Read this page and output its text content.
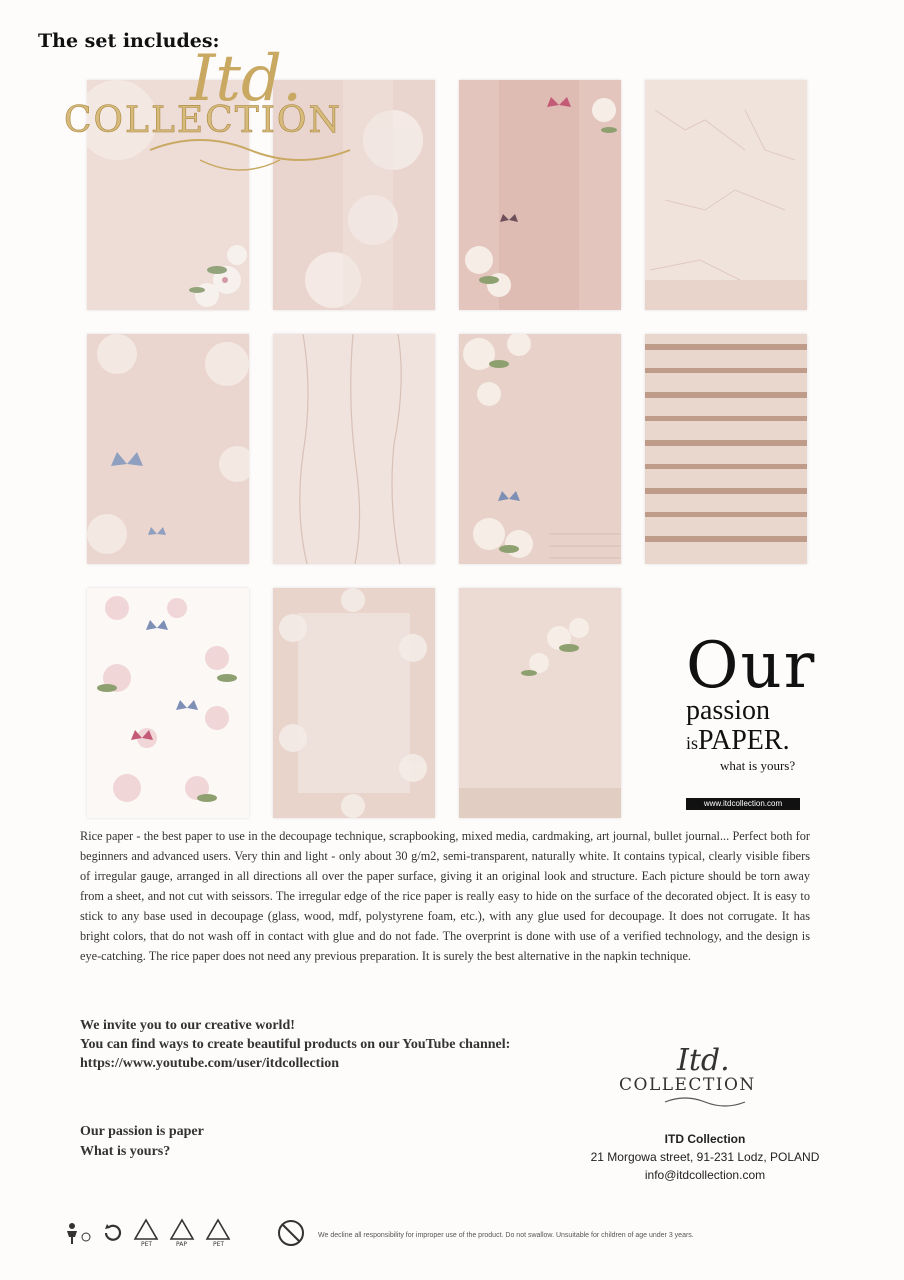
The set includes:
Itd.
COLLECTION
Our
passion
isPAPER.
what is yours?
www.itdcollection.com
Rice paper - the best paper to use in the decoupage technique, scrapbooking, mixed media, cardmaking, art journal, bullet journal... Perfect both for beginners and advanced users. Very thin and light - only about 30 g/m2, semi-transparent, naturally white. It contains typical, clearly visible fibers of irregular gauge, arranged in all directions all over the paper surface, giving it an original look and structure. Each picture should be torn away from a sheet, and not cut with seissors. The irregular edge of the rice paper is really easy to hide on the surface of the decorated object. It is easy to stick to any base used in decoupage (glass, wood, mdf, polystyrene foam, etc.), with any glue used for decoupage. It does not corrugate. It has bright colors, that do not wash off in contact with glue and do not fade. The overprint is done with use of a verified technology, and the design is eye-catching. The rice paper does not need any previous preparation. It is surely the best alternative in the napkin technique.
We invite you to our creative world!
You can find ways to create beautiful products on our YouTube channel:
https://www.youtube.com/user/itdcollection
Our passion is paper
What is yours?
Itd.
COLLECTION
ITD Collection
21 Morgowa street, 91-231 Lodz, POLAND
info@itdcollection.com
PET	PAP	PET
We decline all responsibility for improper use of the product. Do not swallow. Unsuitable for children of age under 3 years.
